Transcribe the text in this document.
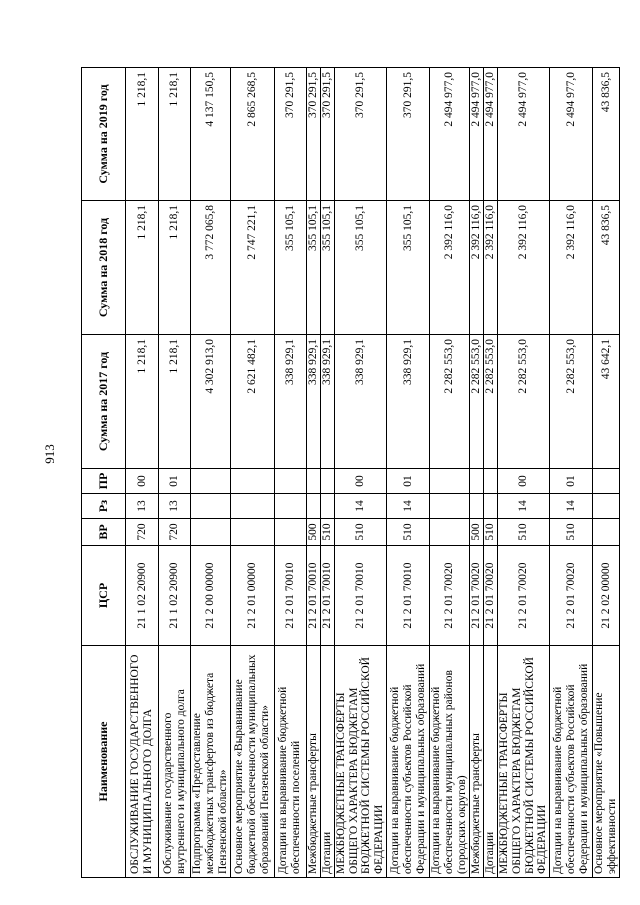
913
Наименование	ЦСР	ВР	Рз	ПР	Сумма на 2017 год	Сумма на 2018 год	Сумма на 2019 год
ОБСЛУЖИВАНИЕ ГОСУДАРСТВЕННОГО И МУНИЦИПАЛЬНОГО ДОЛГА	21 1 02 20900	720	13	00	1 218,1	1 218,1	1 218,1
Обслуживание государственного внутреннего и муниципального долга	21 1 02 20900	720	13	01	1 218,1	1 218,1	1 218,1
Подпрограмма «Предоставление межбюджетных трансфертов из бюджета Пензенской области»	21 2 00 00000				4 302 913,0	3 772 065,8	4 137 150,5
Основное мероприятие «Выравнивание бюджетной обеспеченности муниципальных образований Пензенской области»	21 2 01 00000				2 621 482,1	2 747 221,1	2 865 268,5
Дотации на выравнивание бюджетной обеспеченности поселений	21 2 01 70010				338 929,1	355 105,1	370 291,5
Межбюджетные трансферты	21 2 01 70010	500			338 929,1	355 105,1	370 291,5
Дотации	21 2 01 70010	510			338 929,1	355 105,1	370 291,5
МЕЖБЮДЖЕТНЫЕ ТРАНСФЕРТЫ ОБЩЕГО ХАРАКТЕРА БЮДЖЕТАМ БЮДЖЕТНОЙ СИСТЕМЫ РОССИЙСКОЙ ФЕДЕРАЦИИ	21 2 01 70010	510	14	00	338 929,1	355 105,1	370 291,5
Дотации на выравнивание бюджетной обеспеченности субъектов Российской Федерации и муниципальных образований	21 2 01 70010	510	14	01	338 929,1	355 105,1	370 291,5
Дотации на выравнивание бюджетной обеспеченности муниципальных районов (городских округов)	21 2 01 70020				2 282 553,0	2 392 116,0	2 494 977,0
Межбюджетные трансферты	21 2 01 70020	500			2 282 553,0	2 392 116,0	2 494 977,0
Дотации	21 2 01 70020	510			2 282 553,0	2 392 116,0	2 494 977,0
МЕЖБЮДЖЕТНЫЕ ТРАНСФЕРТЫ ОБЩЕГО ХАРАКТЕРА БЮДЖЕТАМ БЮДЖЕТНОЙ СИСТЕМЫ РОССИЙСКОЙ ФЕДЕРАЦИИ	21 2 01 70020	510	14	00	2 282 553,0	2 392 116,0	2 494 977,0
Дотации на выравнивание бюджетной обеспеченности субъектов Российской Федерации и муниципальных образований	21 2 01 70020	510	14	01	2 282 553,0	2 392 116,0	2 494 977,0
Основное мероприятие «Повышение эффективности	21 2 02 00000				43 642,1	43 836,5	43 836,5
